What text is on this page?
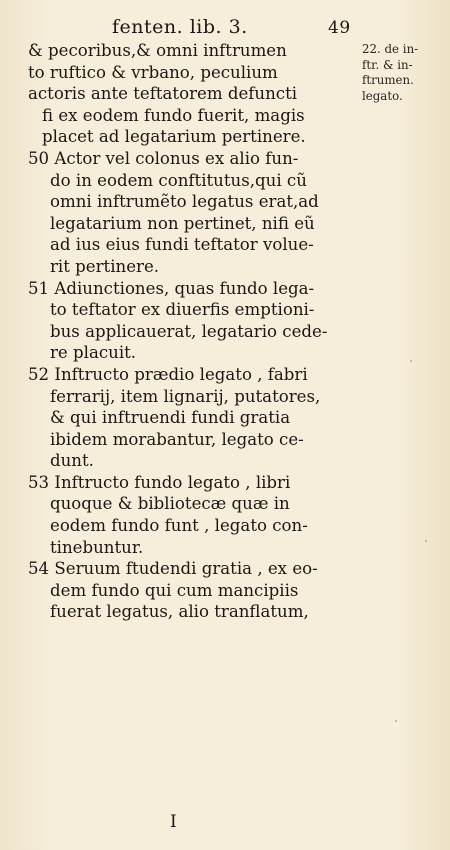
fenten. lib. 3.	49
22. de in-
ftr. & in-
ftrumen.
legato.
& pecoribus,& omni inftrumen
to ruftico & vrbano, peculium
actoris ante teftatorem defuncti
fi ex eodem fundo fuerit, magis
placet ad legatarium pertinere.
50 Actor vel colonus ex alio fun-
do in eodem conftitutus,qui cũ
omni inftrumẽto legatus erat,ad
legatarium non pertinet, nifi eũ
ad ius eius fundi teftator volue-
rit pertinere.
51 Adiunctiones, quas fundo lega-
to teftator ex diuerfis emptioni-
bus applicauerat, legatario cede-
re placuit.
52 Inftructo prædio legato , fabri
ferrarij, item lignarij, putatores,
& qui inftruendi fundi gratia
ibidem morabantur, legato ce-
dunt.
53 Inftructo fundo legato , libri
quoque & bibliotecæ quæ in
eodem fundo funt , legato con-
tinebuntur.
54 Seruum ftudendi gratia , ex eo-
dem fundo qui cum mancipiis
fuerat legatus, alio tranflatum,
I
